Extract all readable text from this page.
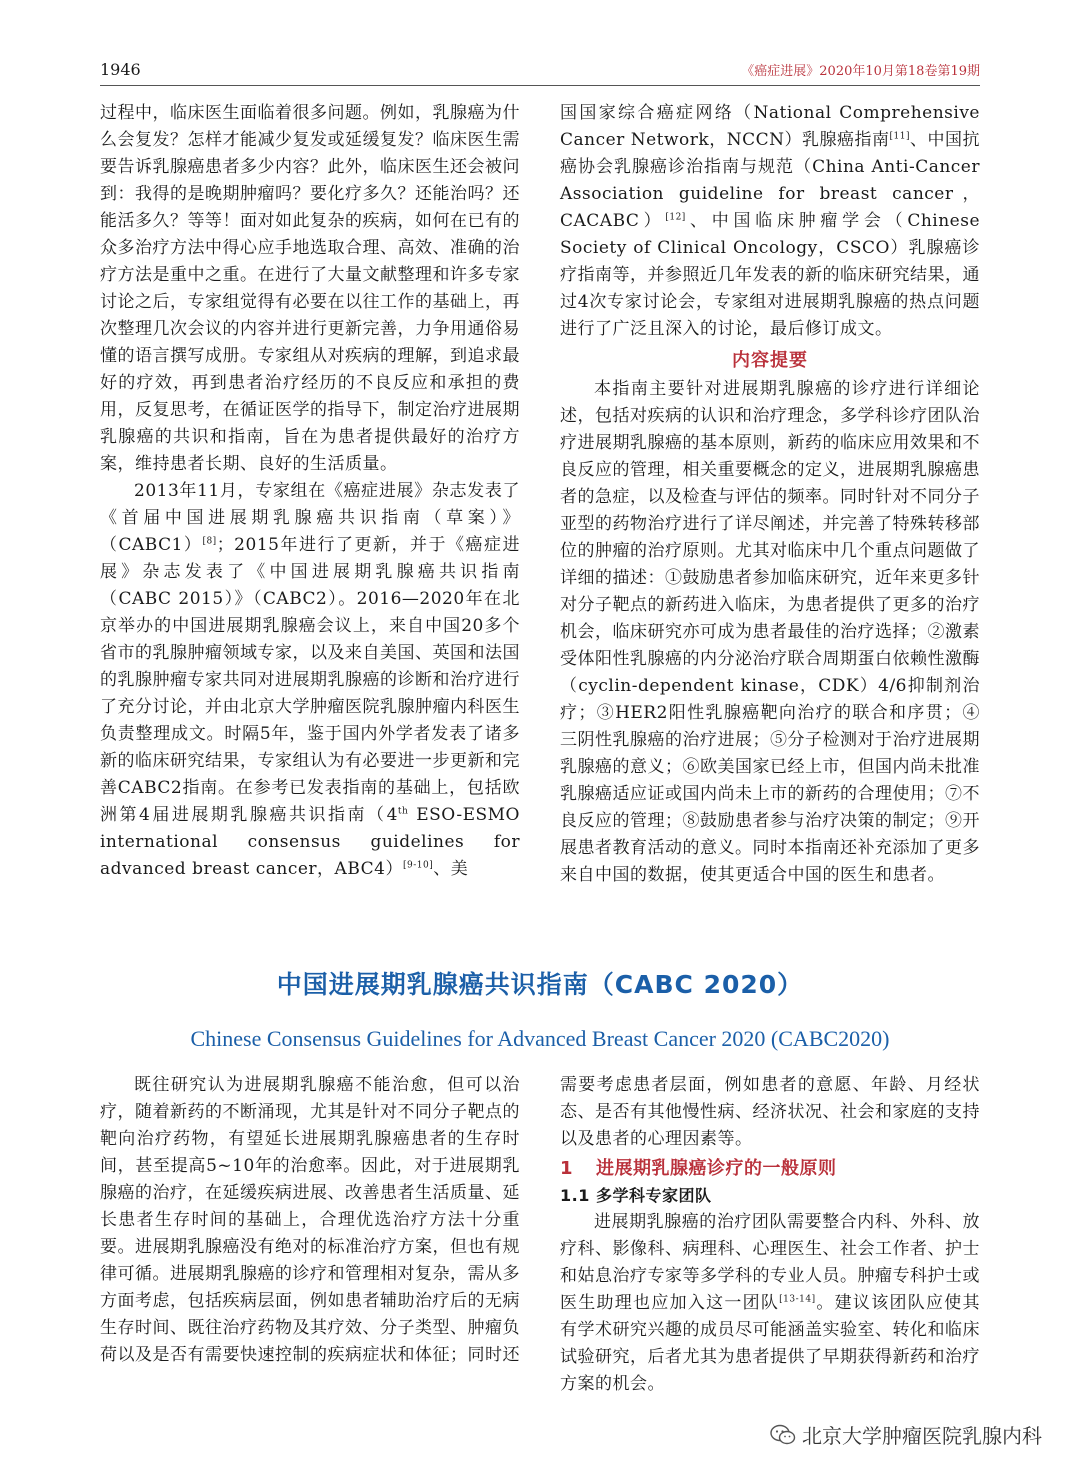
1946	《癌症进展》2020年10月第18卷第19期

过程中，临床医生面临着很多问题。例如，乳腺癌为什么会复发？怎样才能减少复发或延缓复发？临床医生需要告诉乳腺癌患者多少内容？此外，临床医生还会被问到：我得的是晚期肿瘤吗？要化疗多久？还能治吗？还能活多久？等等！面对如此复杂的疾病，如何在已有的众多治疗方法中得心应手地选取合理、高效、准确的治疗方法是重中之重。在进行了大量文献整理和许多专家讨论之后，专家组觉得有必要在以往工作的基础上，再次整理几次会议的内容并进行更新完善，力争用通俗易懂的语言撰写成册。专家组从对疾病的理解，到追求最好的疗效，再到患者治疗经历的不良反应和承担的费用，反复思考，在循证医学的指导下，制定治疗进展期乳腺癌的共识和指南，旨在为患者提供最好的治疗方案，维持患者长期、良好的生活质量。

2013年11月，专家组在《癌症进展》杂志发表了《首届中国进展期乳腺癌共识指南（草案）》（CABC1）[8]；2015年进行了更新，并于《癌症进展》杂志发表了《中国进展期乳腺癌共识指南（CABC 2015）》（CABC2）。2016—2020年在北京举办的中国进展期乳腺癌会议上，来自中国20多个省市的乳腺肿瘤领域专家，以及来自美国、英国和法国的乳腺肿瘤专家共同对进展期乳腺癌的诊断和治疗进行了充分讨论，并由北京大学肿瘤医院乳腺肿瘤内科医生负责整理成文。时隔5年，鉴于国内外学者发表了诸多新的临床研究结果，专家组认为有必要进一步更新和完善CABC2指南。在参考已发表指南的基础上，包括欧洲第4届进展期乳腺癌共识指南（4th ESO-ESMO international consensus guidelines for advanced breast cancer，ABC4）[9-10]、美

国国家综合癌症网络（National Comprehensive Cancer Network，NCCN）乳腺癌指南[11]、中国抗癌协会乳腺癌诊治指南与规范（China Anti-Cancer Association guideline for breast cancer，CACABC）[12]、中国临床肿瘤学会（Chinese Society of Clinical Oncology，CSCO）乳腺癌诊疗指南等，并参照近几年发表的新的临床研究结果，通过4次专家讨论会，专家组对进展期乳腺癌的热点问题进行了广泛且深入的讨论，最后修订成文。

内容提要

本指南主要针对进展期乳腺癌的诊疗进行详细论述，包括对疾病的认识和治疗理念，多学科诊疗团队治疗进展期乳腺癌的基本原则，新药的临床应用效果和不良反应的管理，相关重要概念的定义，进展期乳腺癌患者的急症，以及检查与评估的频率。同时针对不同分子亚型的药物治疗进行了详尽阐述，并完善了特殊转移部位的肿瘤的治疗原则。尤其对临床中几个重点问题做了详细的描述：①鼓励患者参加临床研究，近年来更多针对分子靶点的新药进入临床，为患者提供了更多的治疗机会，临床研究亦可成为患者最佳的治疗选择；②激素受体阳性乳腺癌的内分泌治疗联合周期蛋白依赖性激酶（cyclin-dependent kinase，CDK）4/6抑制剂治疗；③HER2阳性乳腺癌靶向治疗的联合和序贯；④三阴性乳腺癌的治疗进展；⑤分子检测对于治疗进展期乳腺癌的意义；⑥欧美国家已经上市，但国内尚未批准乳腺癌适应证或国内尚未上市的新药的合理使用；⑦不良反应的管理；⑧鼓励患者参与治疗决策的制定；⑨开展患者教育活动的意义。同时本指南还补充添加了更多来自中国的数据，使其更适合中国的医生和患者。

中国进展期乳腺癌共识指南（CABC 2020）
Chinese Consensus Guidelines for Advanced Breast Cancer 2020 (CABC2020)

既往研究认为进展期乳腺癌不能治愈，但可以治疗，随着新药的不断涌现，尤其是针对不同分子靶点的靶向治疗药物，有望延长进展期乳腺癌患者的生存时间，甚至提高5~10年的治愈率。因此，对于进展期乳腺癌的治疗，在延缓疾病进展、改善患者生活质量、延长患者生存时间的基础上，合理优选治疗方法十分重要。进展期乳腺癌没有绝对的标准治疗方案，但也有规律可循。进展期乳腺癌的诊疗和管理相对复杂，需从多方面考虑，包括疾病层面，例如患者辅助治疗后的无病生存时间、既往治疗药物及其疗效、分子类型、肿瘤负荷以及是否有需要快速控制的疾病症状和体征；同时还

需要考虑患者层面，例如患者的意愿、年龄、月经状态、是否有其他慢性病、经济状况、社会和家庭的支持以及患者的心理因素等。

1 进展期乳腺癌诊疗的一般原则
1.1 多学科专家团队

进展期乳腺癌的治疗团队需要整合内科、外科、放疗科、影像科、病理科、心理医生、社会工作者、护士和姑息治疗专家等多学科的专业人员。肿瘤专科护士或医生助理也应加入这一团队[13-14]。建议该团队应使其有学术研究兴趣的成员尽可能涵盖实验室、转化和临床试验研究，后者尤其为患者提供了早期获得新药和治疗方案的机会。

北京大学肿瘤医院乳腺内科
